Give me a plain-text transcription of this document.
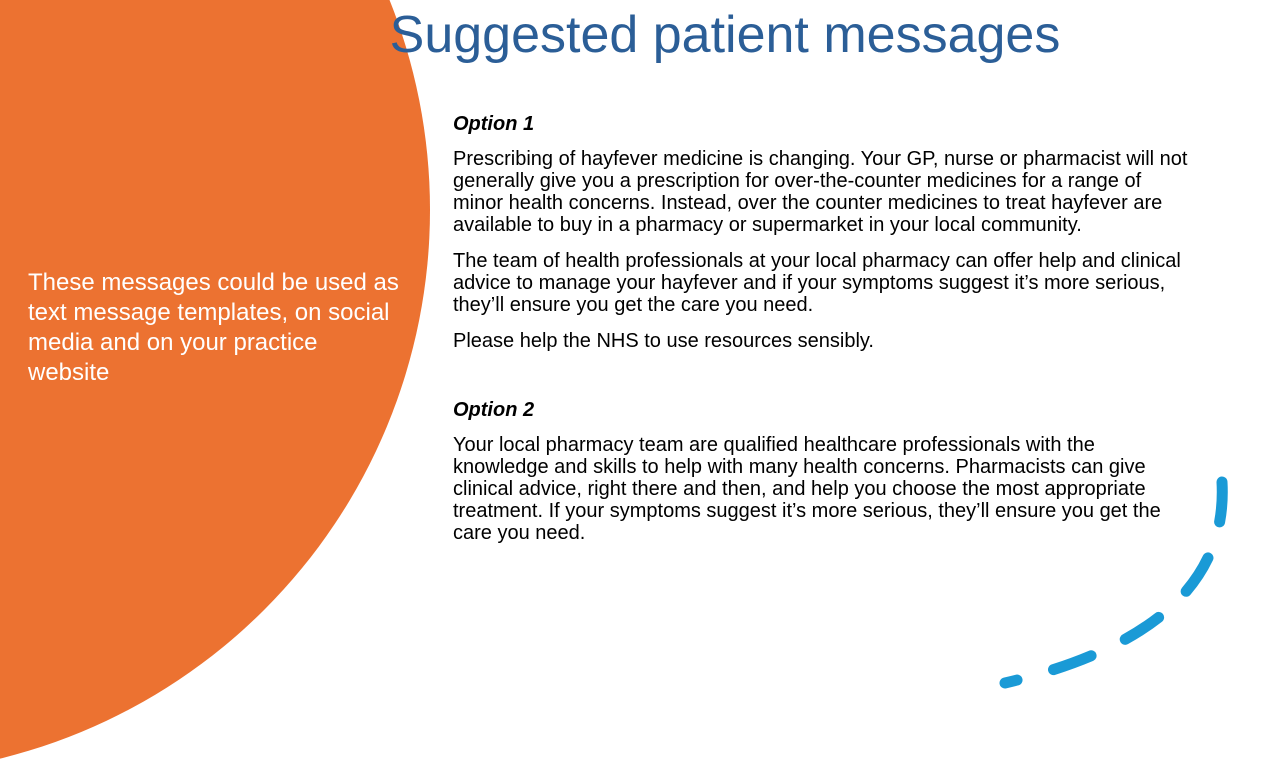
These messages could be used as text message templates, on social media and on your practice website

Suggested patient messages
Option 1

Prescribing of hayfever medicine is changing. Your GP, nurse or pharmacist will not generally give you a prescription for over-the-counter medicines for a range of minor health concerns. Instead, over the counter medicines to treat hayfever are available to buy in a pharmacy or supermarket in your local community.

The team of health professionals at your local pharmacy can offer help and clinical advice to manage your hayfever and if your symptoms suggest it’s more serious, they’ll ensure you get the care you need.

Please help the NHS to use resources sensibly.

Option 2

Your local pharmacy team are qualified healthcare professionals with the knowledge and skills to help with many health concerns. Pharmacists can give clinical advice, right there and then, and help you choose the most appropriate treatment. If your symptoms suggest it’s more serious, they’ll ensure you get the care you need.
